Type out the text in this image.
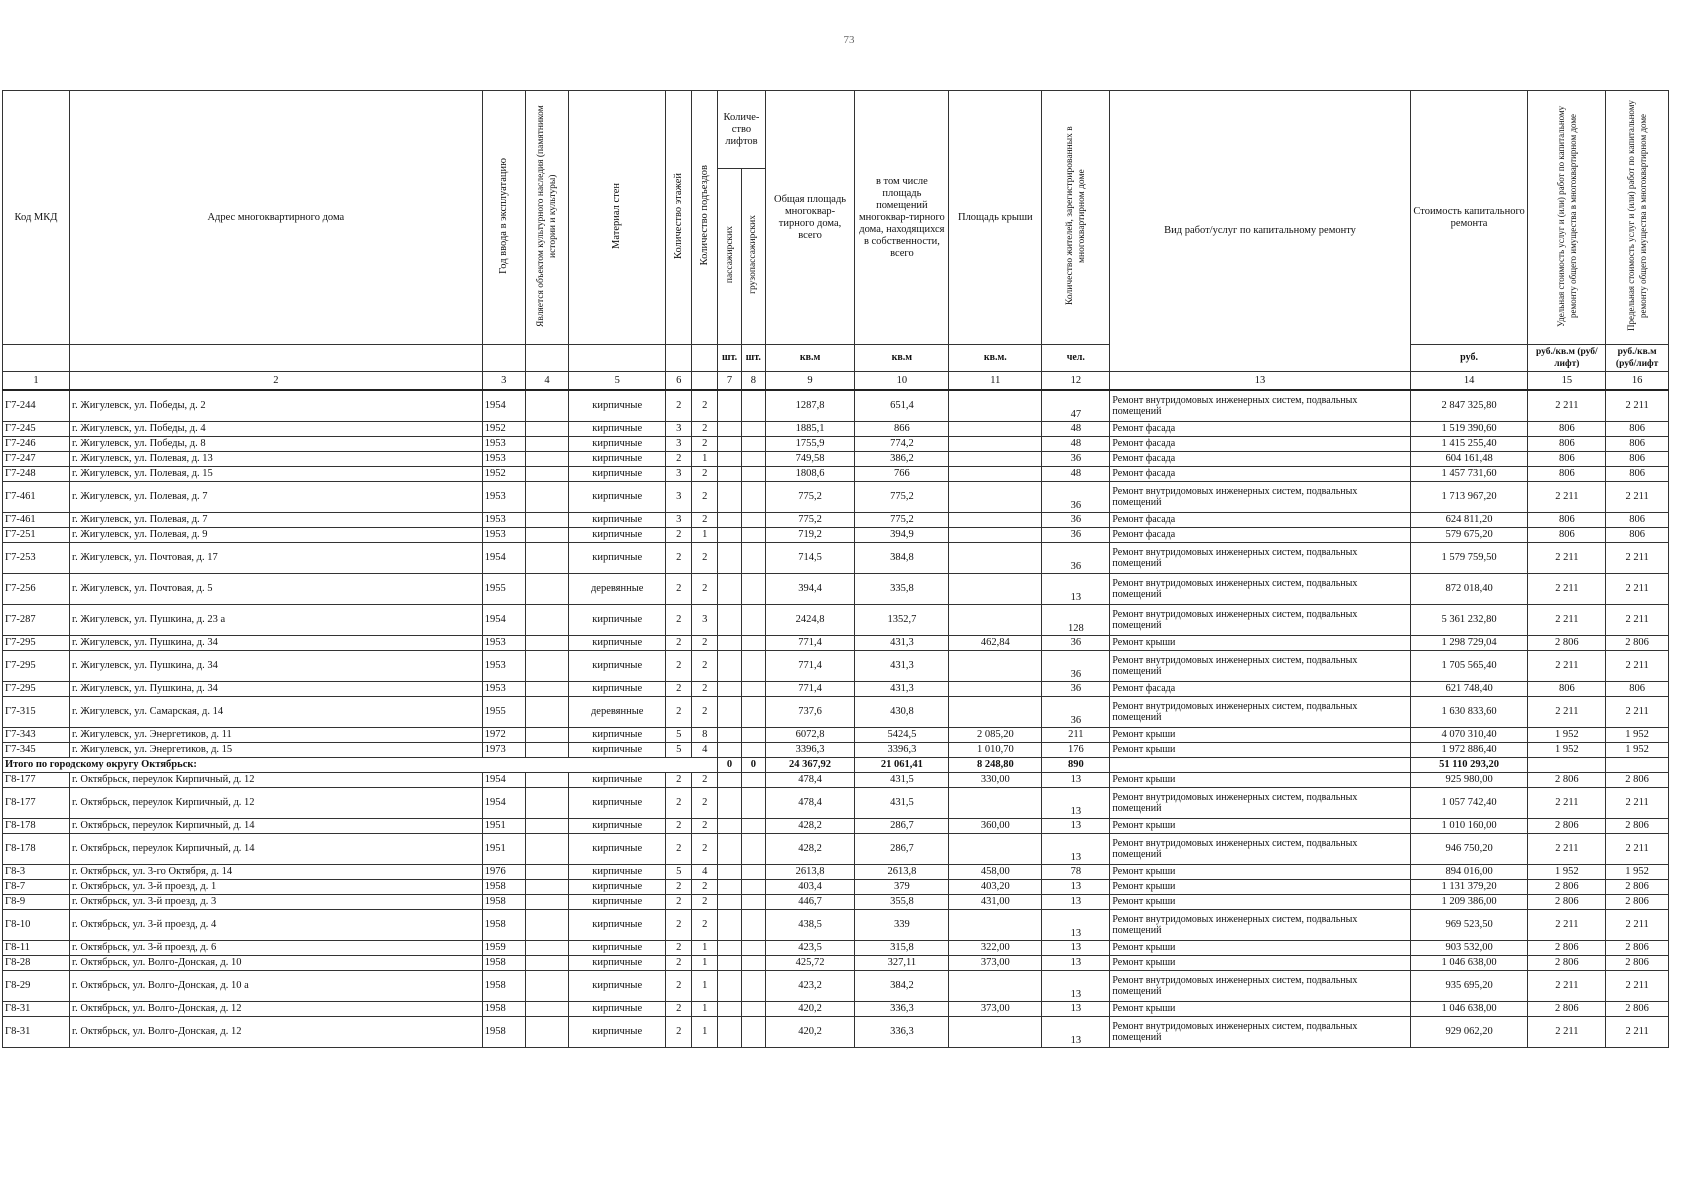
73
Код МКД	Адрес многоквартирного дома	Год ввода в эксплуатацию	Является объектом культурного наследия (памятником истории и культуры)	Материал стен	Количество этажей	Количество подъездов	Количе-ство лифтов		Общая площадь многоквар-тирного дома, всего	в том числе площадь помещений многоквар-тирного дома, находящихся в собственности, всего	Площадь крыши	Количество жителей, зарегистрированных в многоквартирном доме	Вид работ/услуг по капитальному ремонту	Стоимость капитального ремонта	Удельная стоимость услуг и (или) работ по капитальному ремонту общего имущества в многоквартирном доме	Предельная стоимость услуг и (или) работ по капитальному ремонту общего имущества в многоквартирном доме
							пассажирских	грузопассажирских								
							шт.	шт.	кв.м	кв.м	кв.м.	чел.		руб.	руб./кв.м (руб/лифт)	руб./кв.м (руб/лифт
1	2	3	4	5	6		7	8	9	10	11	12	13	14	15	16
Г7-244	г. Жигулевск, ул. Победы, д. 2	1954		кирпичные	2	2			1287,8	651,4		47	Ремонт внутридомовых инженерных систем, подвальных помещений	2 847 325,80	2 211	2 211
Г7-245	г. Жигулевск, ул. Победы, д. 4	1952		кирпичные	3	2			1885,1	866		48	Ремонт фасада	1 519 390,60	806	806
Г7-246	г. Жигулевск, ул. Победы, д. 8	1953		кирпичные	3	2			1755,9	774,2		48	Ремонт фасада	1 415 255,40	806	806
Г7-247	г. Жигулевск, ул. Полевая, д. 13	1953		кирпичные	2	1			749,58	386,2		36	Ремонт фасада	604 161,48	806	806
Г7-248	г. Жигулевск, ул. Полевая, д. 15	1952		кирпичные	3	2			1808,6	766		48	Ремонт фасада	1 457 731,60	806	806
Г7-461	г. Жигулевск, ул. Полевая, д. 7	1953		кирпичные	3	2			775,2	775,2		36	Ремонт внутридомовых инженерных систем, подвальных помещений	1 713 967,20	2 211	2 211
Г7-461	г. Жигулевск, ул. Полевая, д. 7	1953		кирпичные	3	2			775,2	775,2		36	Ремонт фасада	624 811,20	806	806
Г7-251	г. Жигулевск, ул. Полевая, д. 9	1953		кирпичные	2	1			719,2	394,9		36	Ремонт фасада	579 675,20	806	806
Г7-253	г. Жигулевск, ул. Почтовая, д. 17	1954		кирпичные	2	2			714,5	384,8		36	Ремонт внутридомовых инженерных систем, подвальных помещений	1 579 759,50	2 211	2 211
Г7-256	г. Жигулевск, ул. Почтовая, д. 5	1955		деревянные	2	2			394,4	335,8		13	Ремонт внутридомовых инженерных систем, подвальных помещений	872 018,40	2 211	2 211
Г7-287	г. Жигулевск, ул. Пушкина, д. 23 а	1954		кирпичные	2	3			2424,8	1352,7		128	Ремонт внутридомовых инженерных систем, подвальных помещений	5 361 232,80	2 211	2 211
Г7-295	г. Жигулевск, ул. Пушкина, д. 34	1953		кирпичные	2	2			771,4	431,3	462,84	36	Ремонт крыши	1 298 729,04	2 806	2 806
Г7-295	г. Жигулевск, ул. Пушкина, д. 34	1953		кирпичные	2	2			771,4	431,3		36	Ремонт внутридомовых инженерных систем, подвальных помещений	1 705 565,40	2 211	2 211
Г7-295	г. Жигулевск, ул. Пушкина, д. 34	1953		кирпичные	2	2			771,4	431,3		36	Ремонт фасада	621 748,40	806	806
Г7-315	г. Жигулевск, ул. Самарская, д. 14	1955		деревянные	2	2			737,6	430,8		36	Ремонт внутридомовых инженерных систем, подвальных помещений	1 630 833,60	2 211	2 211
Г7-343	г. Жигулевск, ул. Энергетиков, д. 11	1972		кирпичные	5	8			6072,8	5424,5	2 085,20	211	Ремонт крыши	4 070 310,40	1 952	1 952
Г7-345	г. Жигулевск, ул. Энергетиков, д. 15	1973		кирпичные	5	4			3396,3	3396,3	1 010,70	176	Ремонт крыши	1 972 886,40	1 952	1 952
Итого по городскому округу Октябрьск:							0	0	24 367,92	21 061,41	8 248,80	890		51 110 293,20		
Г8-177	г. Октябрьск, переулок Кирпичный, д. 12	1954		кирпичные	2	2			478,4	431,5	330,00	13	Ремонт крыши	925 980,00	2 806	2 806
Г8-177	г. Октябрьск, переулок Кирпичный, д. 12	1954		кирпичные	2	2			478,4	431,5		13	Ремонт внутридомовых инженерных систем, подвальных помещений	1 057 742,40	2 211	2 211
Г8-178	г. Октябрьск, переулок Кирпичный, д. 14	1951		кирпичные	2	2			428,2	286,7	360,00	13	Ремонт крыши	1 010 160,00	2 806	2 806
Г8-178	г. Октябрьск, переулок Кирпичный, д. 14	1951		кирпичные	2	2			428,2	286,7		13	Ремонт внутридомовых инженерных систем, подвальных помещений	946 750,20	2 211	2 211
Г8-3	г. Октябрьск, ул. 3-го Октября, д. 14	1976		кирпичные	5	4			2613,8	2613,8	458,00	78	Ремонт крыши	894 016,00	1 952	1 952
Г8-7	г. Октябрьск, ул. 3-й проезд, д. 1	1958		кирпичные	2	2			403,4	379	403,20	13	Ремонт крыши	1 131 379,20	2 806	2 806
Г8-9	г. Октябрьск, ул. 3-й проезд, д. 3	1958		кирпичные	2	2			446,7	355,8	431,00	13	Ремонт крыши	1 209 386,00	2 806	2 806
Г8-10	г. Октябрьск, ул. 3-й проезд, д. 4	1958		кирпичные	2	2			438,5	339		13	Ремонт внутридомовых инженерных систем, подвальных помещений	969 523,50	2 211	2 211
Г8-11	г. Октябрьск, ул. 3-й проезд, д. 6	1959		кирпичные	2	1			423,5	315,8	322,00	13	Ремонт крыши	903 532,00	2 806	2 806
Г8-28	г. Октябрьск, ул. Волго-Донская, д. 10	1958		кирпичные	2	1			425,72	327,11	373,00	13	Ремонт крыши	1 046 638,00	2 806	2 806
Г8-29	г. Октябрьск, ул. Волго-Донская, д. 10 а	1958		кирпичные	2	1			423,2	384,2		13	Ремонт внутридомовых инженерных систем, подвальных помещений	935 695,20	2 211	2 211
Г8-31	г. Октябрьск, ул. Волго-Донская, д. 12	1958		кирпичные	2	1			420,2	336,3	373,00	13	Ремонт крыши	1 046 638,00	2 806	2 806
Г8-31	г. Октябрьск, ул. Волго-Донская, д. 12	1958		кирпичные	2	1			420,2	336,3		13	Ремонт внутридомовых инженерных систем, подвальных помещений	929 062,20	2 211	2 211
